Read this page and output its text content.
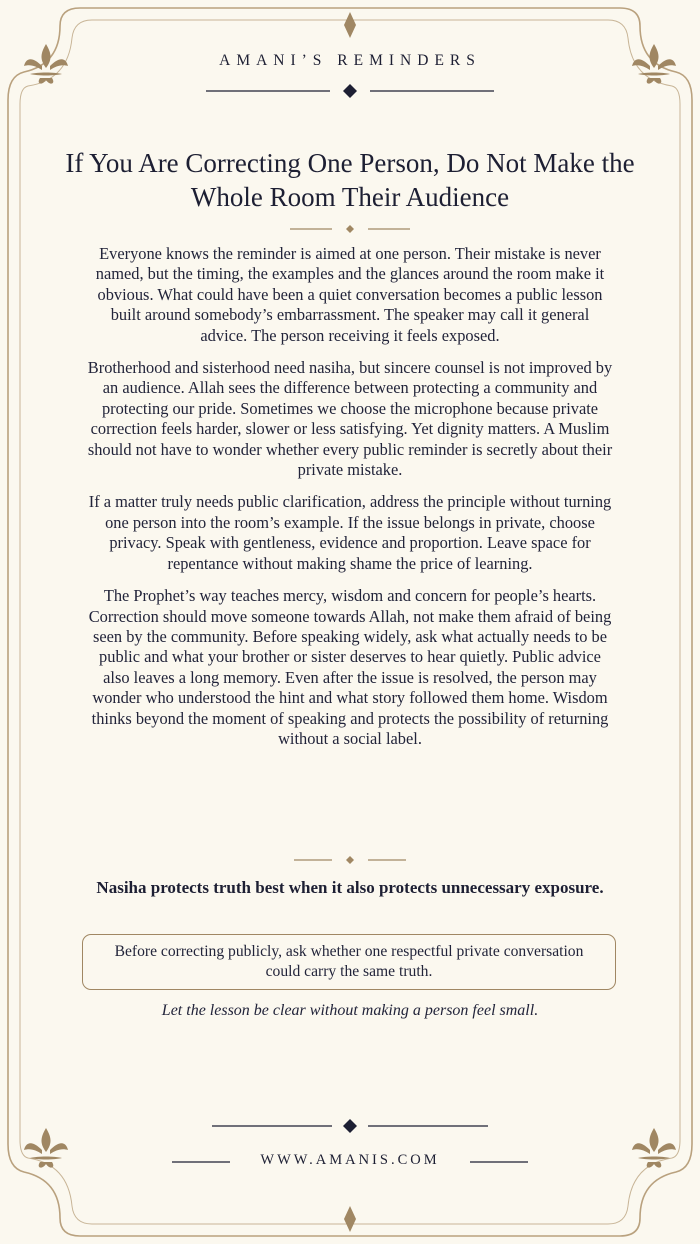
AMANI’S REMINDERS
If You Are Correcting One Person, Do Not Make the Whole Room Their Audience

Everyone knows the reminder is aimed at one person. Their mistake is never named, but the timing, the examples and the glances around the room make it obvious. What could have been a quiet conversation becomes a public lesson built around somebody’s embarrassment. The speaker may call it general advice. The person receiving it feels exposed.

Brotherhood and sisterhood need nasiha, but sincere counsel is not improved by an audience. Allah sees the difference between protecting a community and protecting our pride. Sometimes we choose the microphone because private correction feels harder, slower or less satisfying. Yet dignity matters. A Muslim should not have to wonder whether every public reminder is secretly about their private mistake.

If a matter truly needs public clarification, address the principle without turning one person into the room’s example. If the issue belongs in private, choose privacy. Speak with gentleness, evidence and proportion. Leave space for repentance without making shame the price of learning.

The Prophet’s way teaches mercy, wisdom and concern for people’s hearts. Correction should move someone towards Allah, not make them afraid of being seen by the community. Before speaking widely, ask what actually needs to be public and what your brother or sister deserves to hear quietly. Public advice also leaves a long memory. Even after the issue is resolved, the person may wonder who understood the hint and what story followed them home. Wisdom thinks beyond the moment of speaking and protects the possibility of returning without a social label.

Nasiha protects truth best when it also protects unnecessary exposure.
Before correcting publicly, ask whether one respectful private conversation could carry the same truth.
Let the lesson be clear without making a person feel small.
WWW.AMANIS.COM
